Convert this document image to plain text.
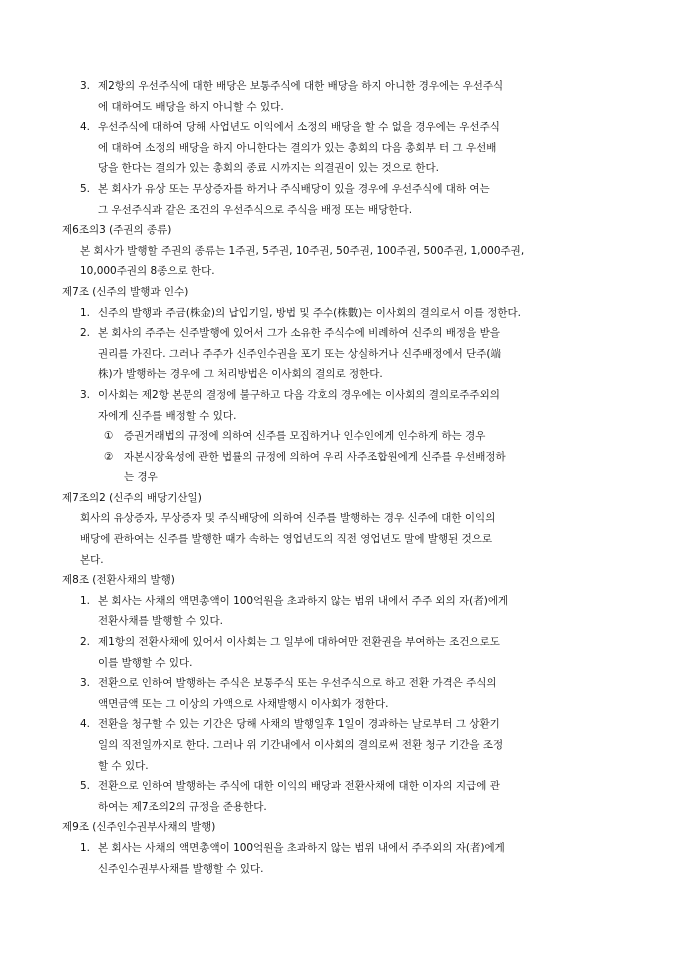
3. 제2항의 우선주식에 대한 배당은 보통주식에 대한 배당을 하지 아니한 경우에는 우선주식
에 대하여도 배당을 하지 아니할 수 있다.
4. 우선주식에 대하여 당해 사업년도 이익에서 소정의 배당을 할 수 없을 경우에는 우선주식
에 대하여 소정의 배당을 하지 아니한다는 결의가 있는 총회의 다음 총회부 터 그 우선배
당을 한다는 결의가 있는 총회의 종료 시까지는 의결권이 있는 것으로 한다.
5. 본 회사가 유상 또는 무상증자를 하거나 주식배당이 있을 경우에 우선주식에 대하 여는
그 우선주식과 같은 조건의 우선주식으로 주식을 배정 또는 배당한다.
제6조의3 (주권의 종류)
본 회사가 발행할 주권의 종류는 1주권, 5주권, 10주권, 50주권, 100주권, 500주권, 1,000주권,
10,000주권의 8종으로 한다.
제7조 (신주의 발행과 인수)
1. 신주의 발행과 주금(株金)의 납입기일, 방법 및 주수(株數)는 이사회의 결의로서 이를 정한다.
2. 본 회사의 주주는 신주발행에 있어서 그가 소유한 주식수에 비례하여 신주의 배정을 받을
권리를 가진다. 그러나 주주가 신주인수권을 포기 또는 상실하거나 신주배정에서 단주(端
株)가 발행하는 경우에 그 처리방법은 이사회의 결의로 정한다.
3. 이사회는 제2항 본문의 결정에 불구하고 다음 각호의 경우에는 이사회의 결의로주주외의
자에게 신주를 배정할 수 있다.
① 증권거래법의 규정에 의하여 신주를 모집하거나 인수인에게 인수하게 하는 경우
② 자본시장육성에 관한 법률의 규정에 의하여 우리 사주조합원에게 신주를 우선배정하
는 경우
제7조의2 (신주의 배당기산일)
회사의 유상증자, 무상증자 및 주식배당에 의하여 신주를 발행하는 경우 신주에 대한 이익의
배당에 관하여는 신주를 발행한 때가 속하는 영업년도의 직전 영업년도 말에 발행된 것으로
본다.
제8조 (전환사채의 발행)
1. 본 회사는 사채의 액면총액이 100억원을 초과하지 않는 범위 내에서 주주 외의 자(者)에게
전환사채를 발행할 수 있다.
2. 제1항의 전환사채에 있어서 이사회는 그 일부에 대하여만 전환권을 부여하는 조건으로도
이를 발행할 수 있다.
3. 전환으로 인하여 발행하는 주식은 보통주식 또는 우선주식으로 하고 전환 가격은 주식의
액면금액 또는 그 이상의 가액으로 사채발행시 이사회가 정한다.
4. 전환을 청구할 수 있는 기간은 당해 사채의 발행일후 1일이 경과하는 날로부터 그 상환기
일의 직전일까지로 한다. 그러나 위 기간내에서 이사회의 결의로써 전환 청구 기간을 조정
할 수 있다.
5. 전환으로 인하여 발행하는 주식에 대한 이익의 배당과 전환사채에 대한 이자의 지급에 관
하여는 제7조의2의 규정을 준용한다.
제9조 (신주인수권부사채의 발행)
1. 본 회사는 사채의 액면총액이 100억원을 초과하지 않는 범위 내에서 주주외의 자(者)에게
신주인수권부사채를 발행할 수 있다.
